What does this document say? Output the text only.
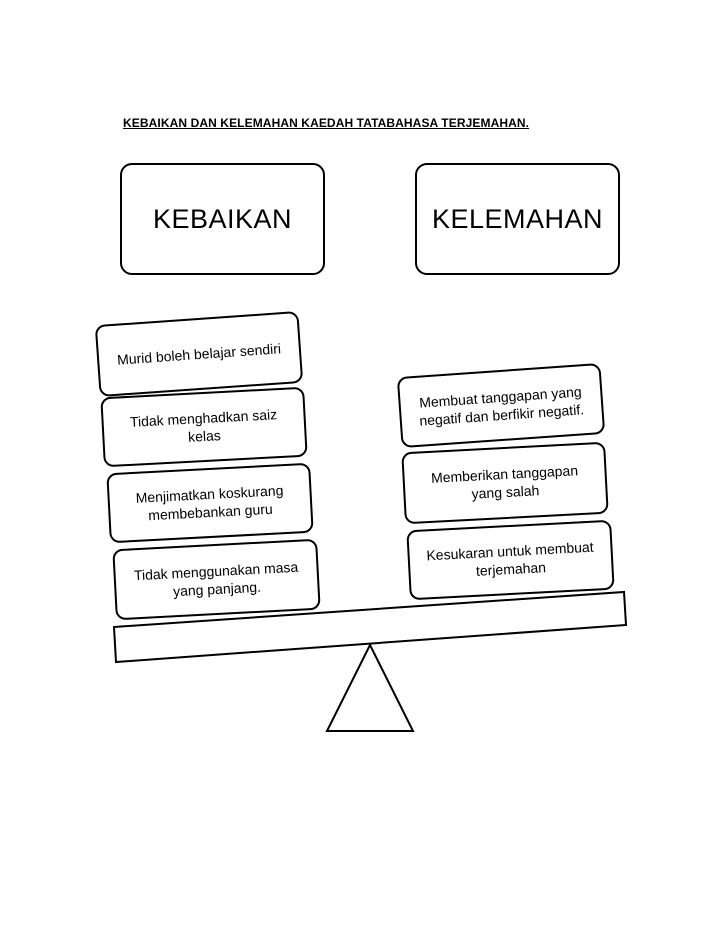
KEBAIKAN DAN KELEMAHAN KAEDAH TATABAHASA TERJEMAHAN.
KEBAIKAN	KELEMAHAN
Murid boleh belajar sendiri
Tidak menghadkan saiz kelas
Menjimatkan koskurang membebankan guru
Tidak menggunakan masa yang panjang.
Membuat tanggapan yang negatif dan berfikir negatif.
Memberikan tanggapan yang salah
Kesukaran untuk membuat terjemahan
